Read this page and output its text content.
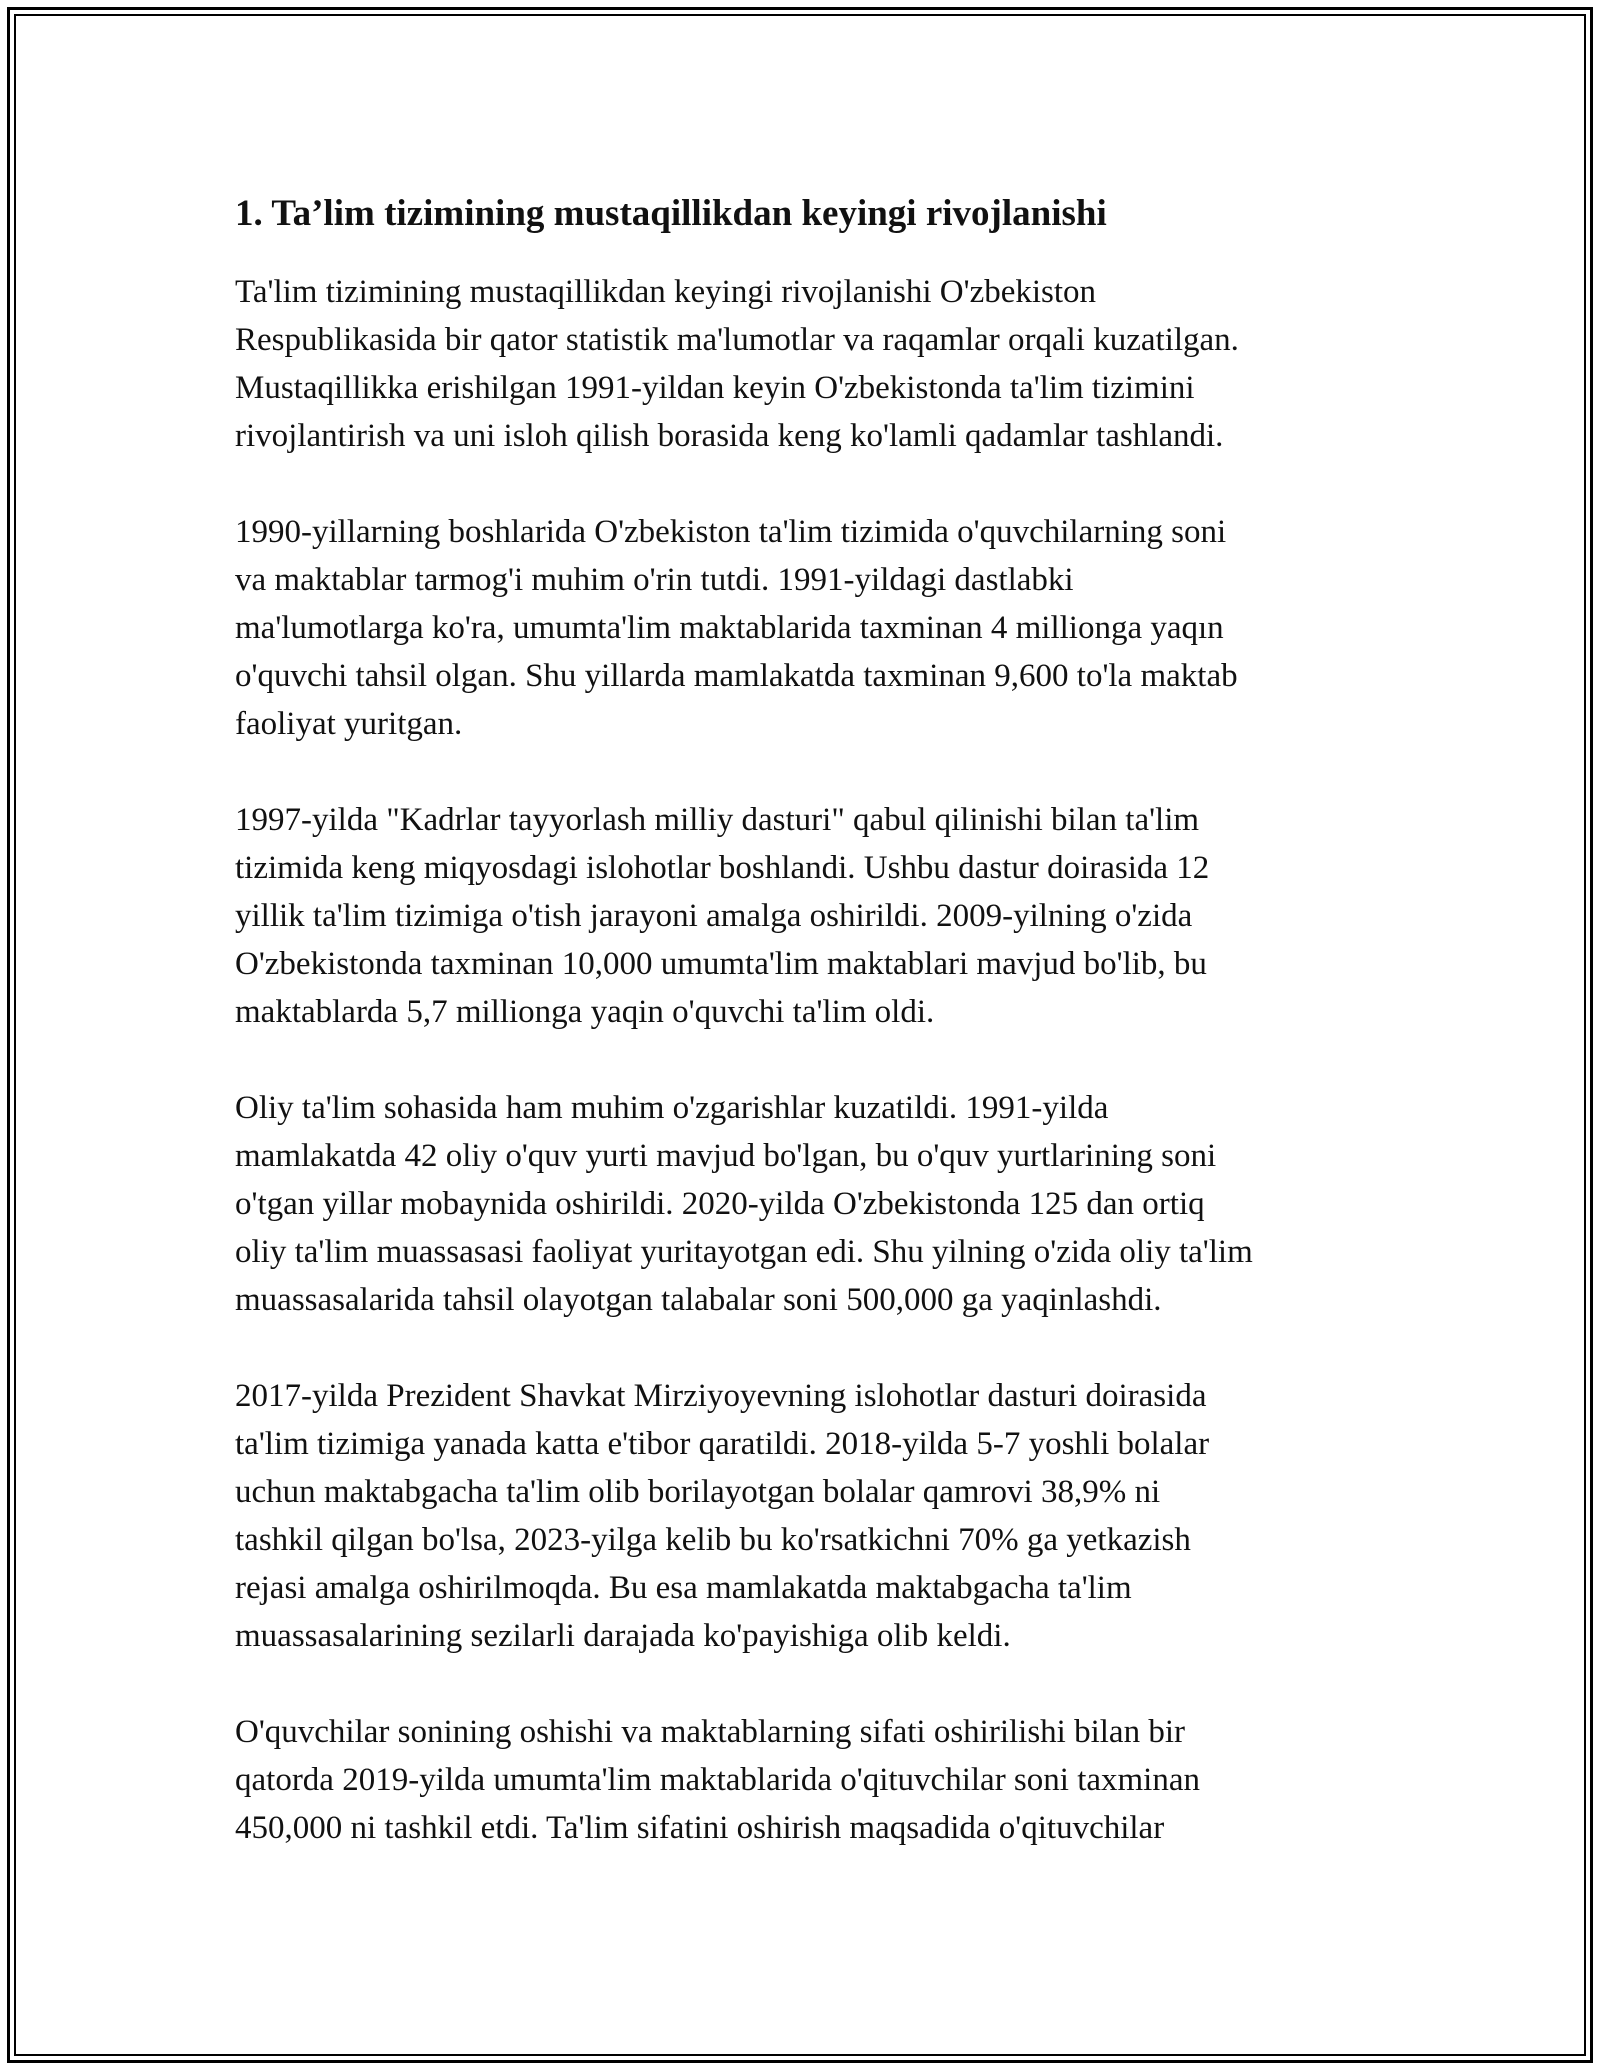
1. Ta’lim tizimining mustaqillikdan keyingi rivojlanishi

Ta'lim tizimining mustaqillikdan keyingi rivojlanishi O'zbekiston
Respublikasida bir qator statistik ma'lumotlar va raqamlar orqali kuzatilgan.
Mustaqillikka erishilgan 1991-yildan keyin O'zbekistonda ta'lim tizimini
rivojlantirish va uni isloh qilish borasida keng ko'lamli qadamlar tashlandi.

1990-yillarning boshlarida O'zbekiston ta'lim tizimida o'quvchilarning soni
va maktablar tarmog'i muhim o'rin tutdi. 1991-yildagi dastlabki
ma'lumotlarga ko'ra, umumta'lim maktablarida taxminan 4 millionga yaqın
o'quvchi tahsil olgan. Shu yillarda mamlakatda taxminan 9,600 to'la maktab
faoliyat yuritgan.

1997-yilda "Kadrlar tayyorlash milliy dasturi" qabul qilinishi bilan ta'lim
tizimida keng miqyosdagi islohotlar boshlandi. Ushbu dastur doirasida 12
yillik ta'lim tizimiga o'tish jarayoni amalga oshirildi. 2009-yilning o'zida
O'zbekistonda taxminan 10,000 umumta'lim maktablari mavjud bo'lib, bu
maktablarda 5,7 millionga yaqin o'quvchi ta'lim oldi.

Oliy ta'lim sohasida ham muhim o'zgarishlar kuzatildi. 1991-yilda
mamlakatda 42 oliy o'quv yurti mavjud bo'lgan, bu o'quv yurtlarining soni
o'tgan yillar mobaynida oshirildi. 2020-yilda O'zbekistonda 125 dan ortiq
oliy ta'lim muassasasi faoliyat yuritayotgan edi. Shu yilning o'zida oliy ta'lim
muassasalarida tahsil olayotgan talabalar soni 500,000 ga yaqinlashdi.

2017-yilda Prezident Shavkat Mirziyoyevning islohotlar dasturi doirasida
ta'lim tizimiga yanada katta e'tibor qaratildi. 2018-yilda 5-7 yoshli bolalar
uchun maktabgacha ta'lim olib borilayotgan bolalar qamrovi 38,9% ni
tashkil qilgan bo'lsa, 2023-yilga kelib bu ko'rsatkichni 70% ga yetkazish
rejasi amalga oshirilmoqda. Bu esa mamlakatda maktabgacha ta'lim
muassasalarining sezilarli darajada ko'payishiga olib keldi.

O'quvchilar sonining oshishi va maktablarning sifati oshirilishi bilan bir
qatorda 2019-yilda umumta'lim maktablarida o'qituvchilar soni taxminan
450,000 ni tashkil etdi. Ta'lim sifatini oshirish maqsadida o'qituvchilar
